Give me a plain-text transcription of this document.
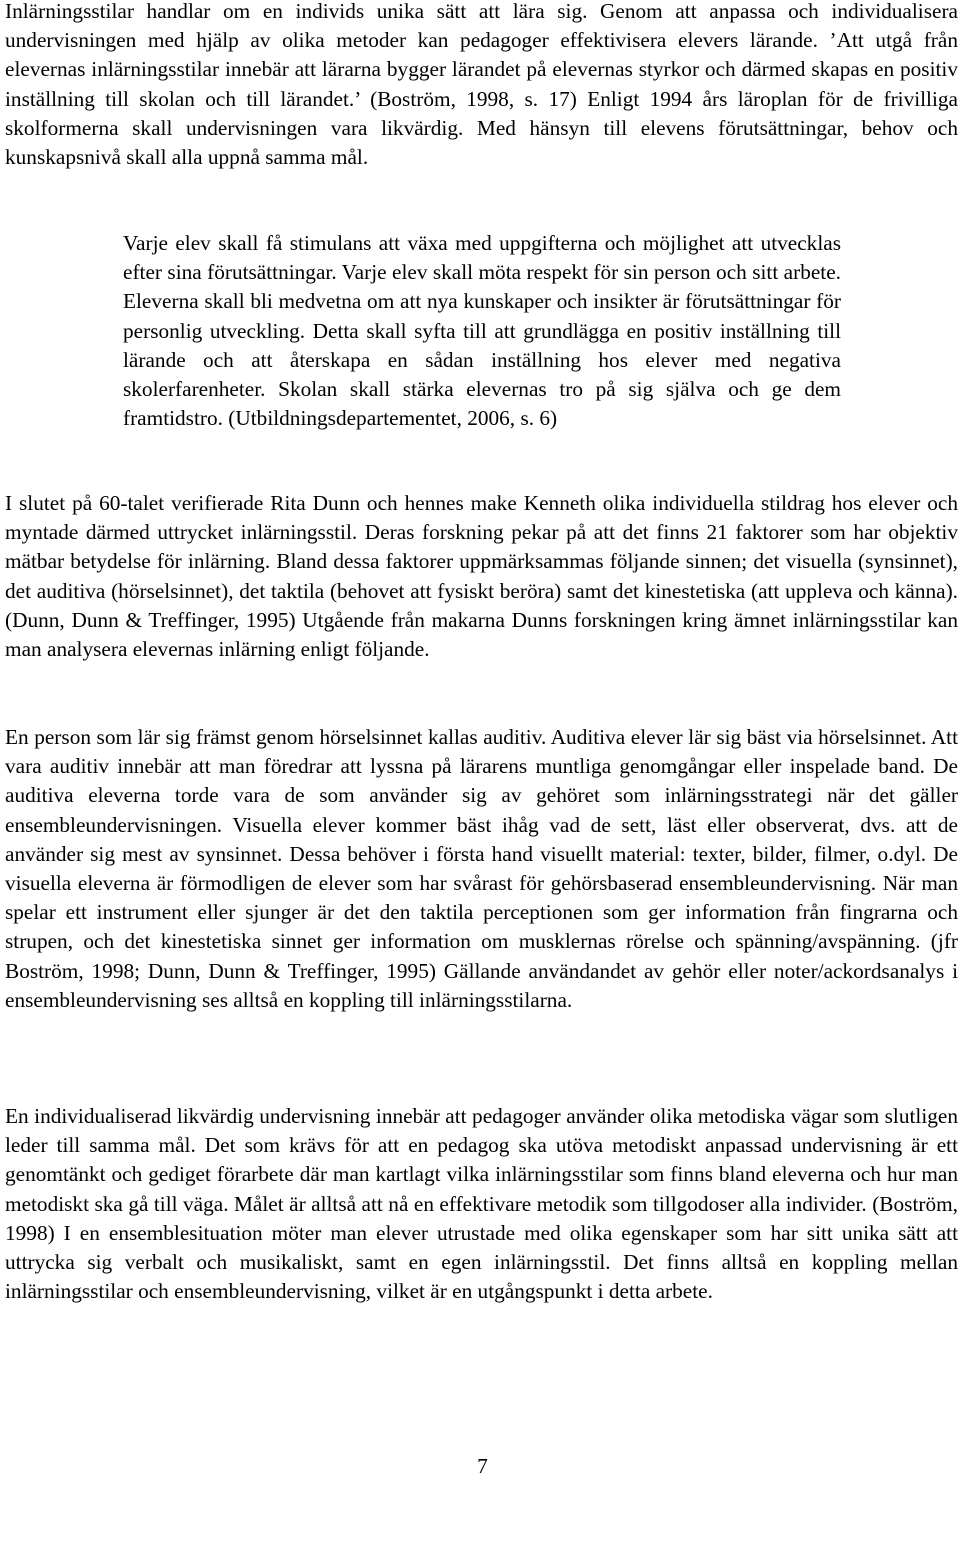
Inlärningsstilar handlar om en individs unika sätt att lära sig. Genom att anpassa och individualisera undervisningen med hjälp av olika metoder kan pedagoger effektivisera elevers lärande. ’Att utgå från elevernas inlärningsstilar innebär att lärarna bygger lärandet på elevernas styrkor och därmed skapas en positiv inställning till skolan och till lärandet.’ (Boström, 1998, s. 17) Enligt 1994 års läroplan för de frivilliga skolformerna skall undervisningen vara likvärdig. Med hänsyn till elevens förutsättningar, behov och kunskapsnivå skall alla uppnå samma mål.

Varje elev skall få stimulans att växa med uppgifterna och möjlighet att utvecklas efter sina förutsättningar. Varje elev skall möta respekt för sin person och sitt arbete. Eleverna skall bli medvetna om att nya kunskaper och insikter är förutsättningar för personlig utveckling. Detta skall syfta till att grundlägga en positiv inställning till lärande och att återskapa en sådan inställning hos elever med negativa skolerfarenheter. Skolan skall stärka elevernas tro på sig själva och ge dem framtidstro. (Utbildningsdepartementet, 2006, s. 6)

I slutet på 60-talet verifierade Rita Dunn och hennes make Kenneth olika individuella stildrag hos elever och myntade därmed uttrycket inlärningsstil. Deras forskning pekar på att det finns 21 faktorer som har objektiv mätbar betydelse för inlärning. Bland dessa faktorer uppmärksammas följande sinnen; det visuella (synsinnet), det auditiva (hörselsinnet), det taktila (behovet att fysiskt beröra) samt det kinestetiska (att uppleva och känna). (Dunn, Dunn & Treffinger, 1995) Utgående från makarna Dunns forskningen kring ämnet inlärningsstilar kan man analysera elevernas inlärning enligt följande.

En person som lär sig främst genom hörselsinnet kallas auditiv. Auditiva elever lär sig bäst via hörselsinnet. Att vara auditiv innebär att man föredrar att lyssna på lärarens muntliga genomgångar eller inspelade band. De auditiva eleverna torde vara de som använder sig av gehöret som inlärningsstrategi när det gäller ensembleundervisningen. Visuella elever kommer bäst ihåg vad de sett, läst eller observerat, dvs. att de använder sig mest av synsinnet. Dessa behöver i första hand visuellt material: texter, bilder, filmer, o.dyl. De visuella eleverna är förmodligen de elever som har svårast för gehörsbaserad ensembleundervisning. När man spelar ett instrument eller sjunger är det den taktila perceptionen som ger information från fingrarna och strupen, och det kinestetiska sinnet ger information om musklernas rörelse och spänning/avspänning. (jfr Boström, 1998; Dunn, Dunn & Treffinger, 1995) Gällande användandet av gehör eller noter/ackordsanalys i ensembleundervisning ses alltså en koppling till inlärningsstilarna.

En individualiserad likvärdig undervisning innebär att pedagoger använder olika metodiska vägar som slutligen leder till samma mål. Det som krävs för att en pedagog ska utöva metodiskt anpassad undervisning är ett genomtänkt och gediget förarbete där man kartlagt vilka inlärningsstilar som finns bland eleverna och hur man metodiskt ska gå till väga. Målet är alltså att nå en effektivare metodik som tillgodoser alla individer. (Boström, 1998) I en ensemblesituation möter man elever utrustade med olika egenskaper som har sitt unika sätt att uttrycka sig verbalt och musikaliskt, samt en egen inlärningsstil. Det finns alltså en koppling mellan inlärningsstilar och ensembleundervisning, vilket är en utgångspunkt i detta arbete.

7
